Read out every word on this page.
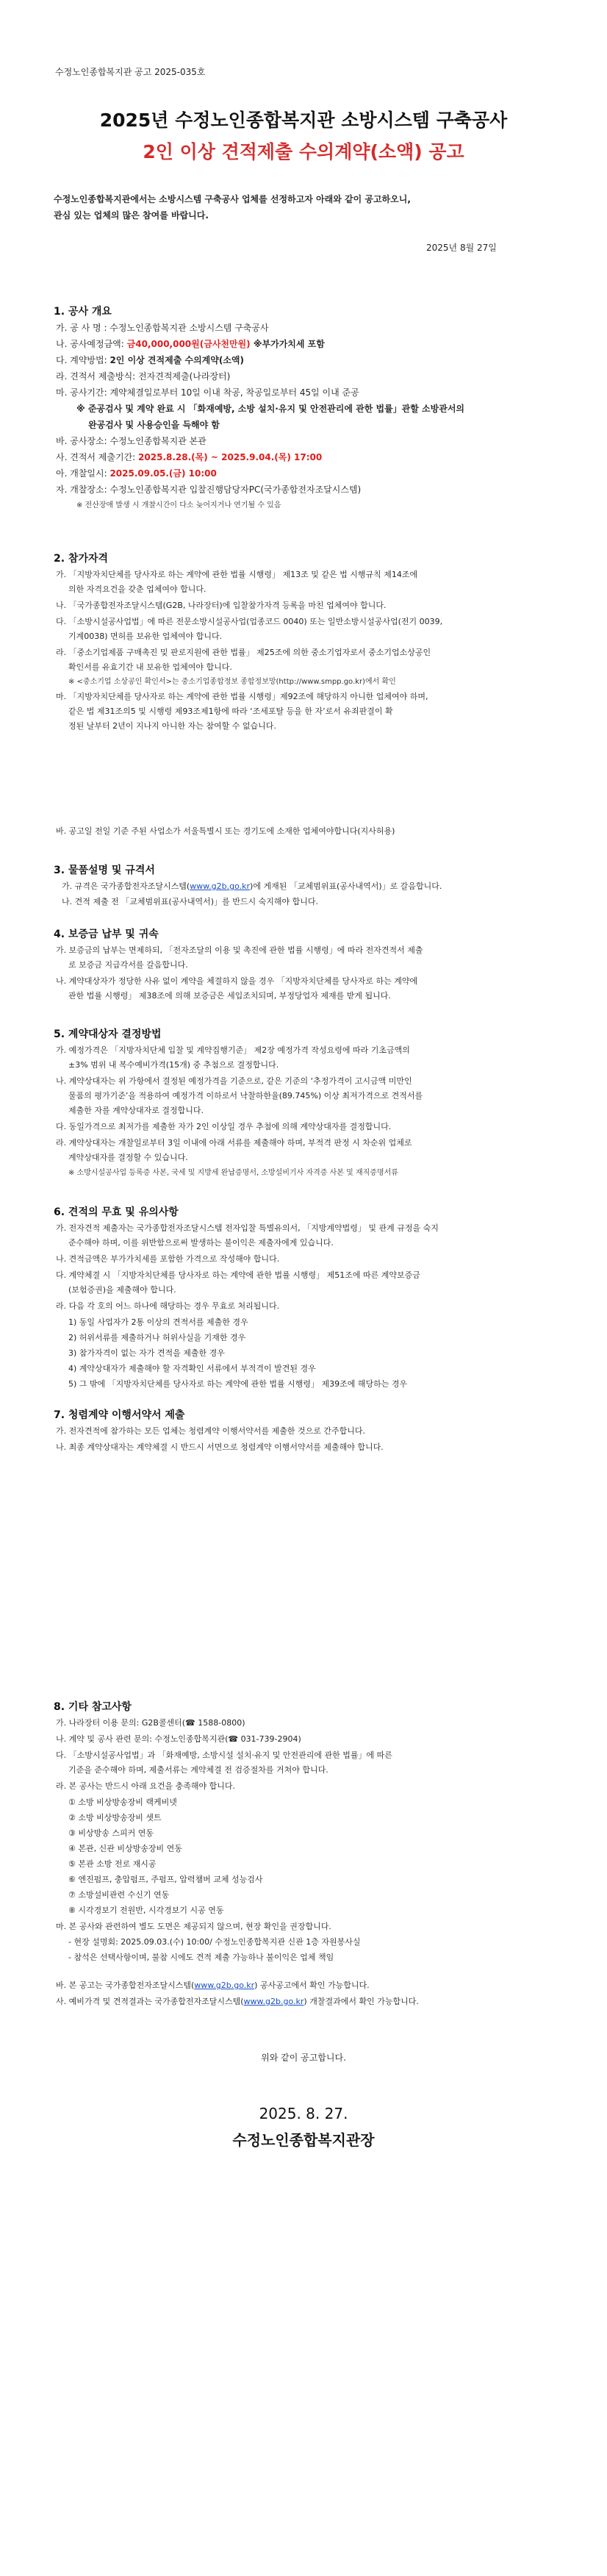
수정노인종합복지관 공고 2025-035호
2025년 수정노인종합복지관 소방시스템 구축공사
2인 이상 견적제출 수의계약(소액) 공고
수정노인종합복지관에서는 소방시스템 구축공사 업체를 선정하고자 아래와 같이 공고하오니,
관심 있는 업체의 많은 참여를 바랍니다.
2025년 8월 27일
1. 공사 개요
가. 공 사 명 : 수정노인종합복지관 소방시스템 구축공사
나. 공사예정금액: 금40,000,000원(금사천만원) ※부가가치세 포함
다. 계약방법: 2인 이상 견적제출 수의계약(소액)
라. 견적서 제출방식: 전자견적제출(나라장터)
마. 공사기간: 계약체결일로부터 10일 이내 착공, 착공일로부터 45일 이내 준공
※ 준공검사 및 계약 완료 시 「화재예방, 소방 설치·유지 및 안전관리에 관한 법률」관할 소방관서의
완공검사 및 사용승인을 득해야 함
바. 공사장소: 수정노인종합복지관 본관
사. 견적서 제출기간: 2025.8.28.(목) ~ 2025.9.04.(목) 17:00
아. 개찰일시: 2025.09.05.(금) 10:00
자. 개찰장소: 수정노인종합복지관 입찰진행담당자PC(국가종합전자조달시스템)
※ 전산장애 발생 시 개찰시간이 다소 늦어지거나 연기될 수 있음
2. 참가자격
가. 「지방자치단체를 당사자로 하는 계약에 관한 법률 시행령」 제13조 및 같은 법 시행규칙 제14조에
의한 자격요건을 갖춘 업체여야 합니다.
나. 「국가종합전자조달시스템(G2B, 나라장터)에 입찰참가자격 등록을 마친 업체여야 합니다.
다. 「소방시설공사업법」에 따른 전문소방시설공사업(업종코드 0040) 또는 일반소방시설공사업(전기 0039,
기계0038) 면허를 보유한 업체여야 합니다.
라. 「중소기업제품 구매촉진 및 판로지원에 관한 법률」 제25조에 의한 중소기업자로서 중소기업소상공인
확인서를 유효기간 내 보유한 업체여야 합니다.
※ <중소기업 소상공인 확인서>는 중소기업종합정보 종합정보망(http://www.smpp.go.kr)에서 확인
마. 「지방자치단체를 당사자로 하는 계약에 관한 법률 시행령」제92조에 해당하지 아니한 업체여야 하며,
같은 법 제31조의5 및 시행령 제93조제1항에 따라 ‘조세포탈 등을 한 자’로서 유죄판결이 확
정된 날부터 2년이 지나지 아니한 자는 참여할 수 없습니다.
바. 공고일 전일 기준 주된 사업소가 서울특별시 또는 경기도에 소재한 업체여야합니다(지사허용)
3. 물품설명 및 규격서
가. 규격은 국가종합전자조달시스템(www.g2b.go.kr)에 게재된 「교체범위표(공사내역서)」로 갈음합니다.
나. 견적 제출 전 「교체범위표(공사내역서)」를 반드시 숙지해야 합니다.
4. 보증금 납부 및 귀속
가. 보증금의 납부는 면제하되, 「전자조달의 이용 및 촉진에 관한 법률 시행령」에 따라 전자견적서 제출
로 보증금 지급각서를 갈음합니다.
나. 계약대상자가 정당한 사유 없이 계약을 체결하지 않을 경우 「지방자치단체를 당사자로 하는 계약에
관한 법률 시행령」 제38조에 의해 보증금은 세입조치되며, 부정당업자 제재를 받게 됩니다.
5. 계약대상자 결정방법
가. 예정가격은 「지방자치단체 입찰 및 계약집행기준」 제2장 예정가격 작성요령에 따라 기초금액의
±3% 범위 내 복수예비가격(15개) 중 추첨으로 결정합니다.
나. 계약상대자는 위 가항에서 결정된 예정가격을 기준으로, 같은 기준의 ‘추정가격이 고시금액 미만인
물품의 평가기준’을 적용하여 예정가격 이하로서 낙찰하한율(89.745%) 이상 최저가격으로 견적서를
제출한 자를 계약상대자로 결정합니다.
다. 동일가격으로 최저가를 제출한 자가 2인 이상일 경우 추첨에 의해 계약상대자를 결정합니다.
라. 계약상대자는 개찰일로부터 3일 이내에 아래 서류를 제출해야 하며, 부적격 판정 시 차순위 업체로
계약상대자를 결정할 수 있습니다.
※ 소방시설공사업 등록증 사본, 국세 및 지방세 완납증명서, 소방설비기사 자격증 사본 및 재직증명서류
6. 견적의 무효 및 유의사항
가. 전자견적 제출자는 국가종합전자조달시스템 전자입찰 특별유의서, 「지방계약법령」 및 관계 규정을 숙지
준수해야 하며, 이를 위반함으로써 발생하는 불이익은 제출자에게 있습니다.
나. 견적금액은 부가가치세를 포함한 가격으로 작성해야 합니다.
다. 계약체결 시 「지방자치단체를 당사자로 하는 계약에 관한 법률 시행령」 제51조에 따른 계약보증금
(보험증권)을 제출해야 합니다.
라. 다음 각 호의 어느 하나에 해당하는 경우 무효로 처리됩니다.
1) 동일 사업자가 2통 이상의 견적서를 제출한 경우
2) 허위서류를 제출하거나 허위사실을 기재한 경우
3) 참가자격이 없는 자가 견적을 제출한 경우
4) 계약상대자가 제출해야 할 자격확인 서류에서 부적격이 발견된 경우
5) 그 밖에 「지방자치단체를 당사자로 하는 계약에 관한 법률 시행령」 제39조에 해당하는 경우
7. 청렴계약 이행서약서 제출
가. 전자견적에 참가하는 모든 업체는 청렴계약 이행서약서를 제출한 것으로 간주합니다.
나. 최종 계약상대자는 계약체결 시 반드시 서면으로 청렴계약 이행서약서를 제출해야 합니다.
8. 기타 참고사항
가. 나라장터 이용 문의: G2B콜센터(☎ 1588-0800)
나. 계약 및 공사 관련 문의: 수정노인종합복지관(☎ 031-739-2904)
다. 「소방시설공사업법」과 「화재예방, 소방시설 설치·유지 및 안전관리에 관한 법률」에 따른
기준을 준수해야 하며, 제출서류는 계약체결 전 검증절차를 거쳐야 합니다.
라. 본 공사는 반드시 아래 요건을 충족해야 합니다.
① 소방 비상방송장비 랙케비넷
② 소방 비상방송장비 셋트
③ 비상방송 스피커 연동
④ 본관, 신관 비상방송장비 연동
⑤ 본관 소방 전로 재시공
⑥ 엔진펌프, 충압펌프, 주펌프, 압력챔버 교체 성능검사
⑦ 소방설비관련 수신기 연동
⑧ 시각경보기 전원반, 시각경보기 시공 연동
마. 본 공사와 관련하여 별도 도면은 제공되지 않으며, 현장 확인을 권장합니다.
- 현장 설명회: 2025.09.03.(수) 10:00/ 수정노인종합복지관 신관 1층 자원봉사실
- 참석은 선택사항이며, 불참 시에도 견적 제출 가능하나 불이익은 업체 책임
바. 본 공고는 국가종합전자조달시스템(www.g2b.go.kr) 공사공고에서 확인 가능합니다.
사. 예비가격 및 견적결과는 국가종합전자조달시스템(www.g2b.go.kr) 개찰결과에서 확인 가능합니다.
위와 같이 공고합니다.
2025. 8. 27.
수정노인종합복지관장
